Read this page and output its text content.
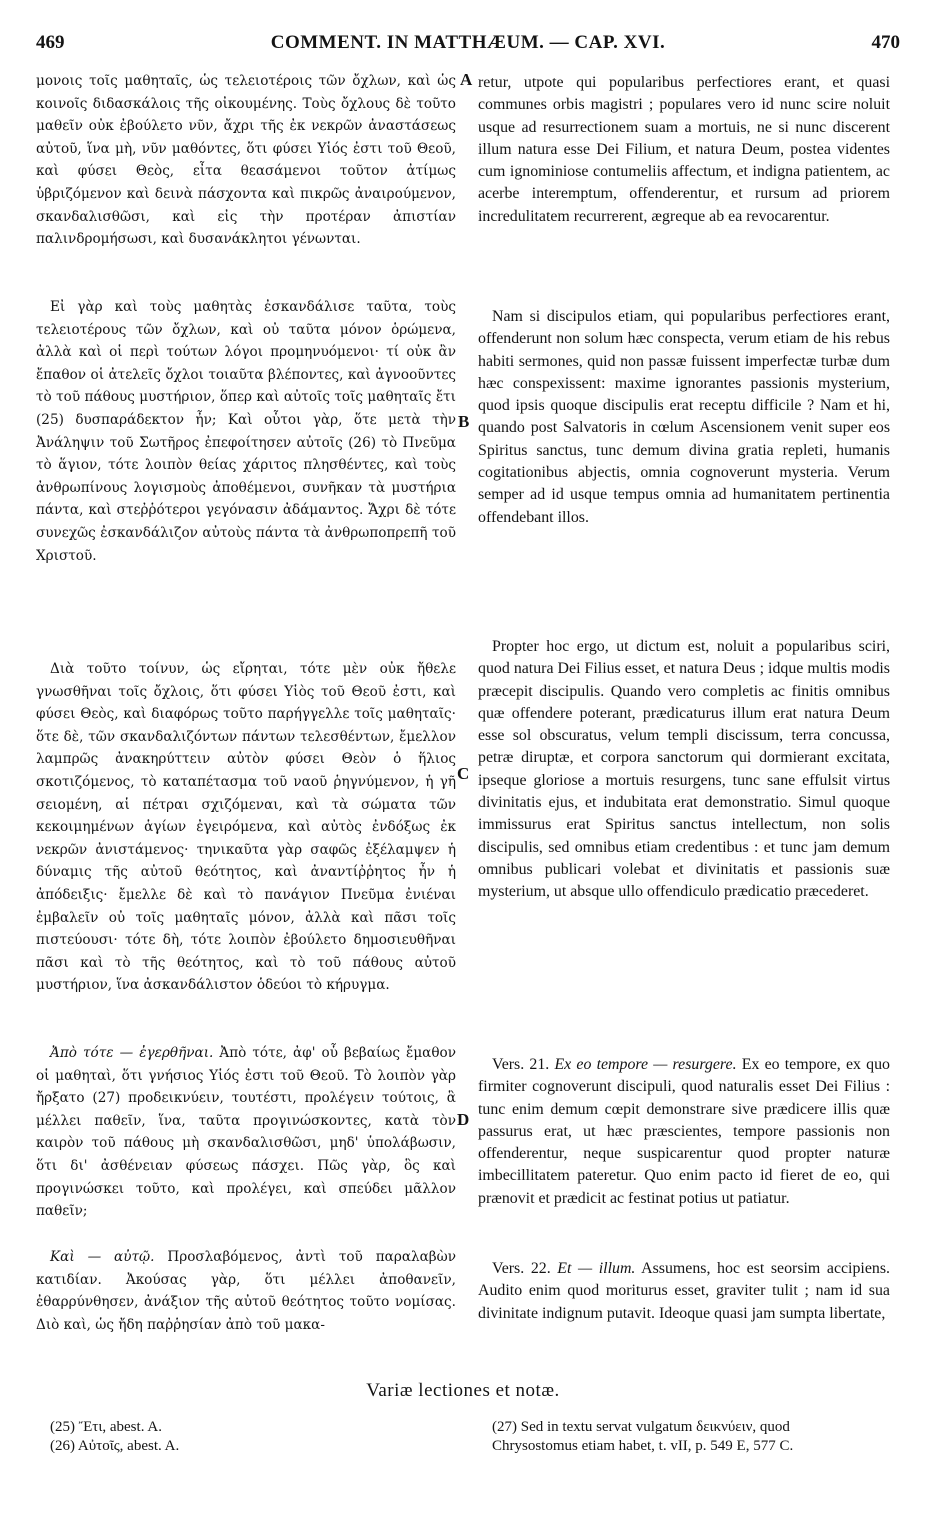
469	COMMENT. IN MATTHÆUM. — CAP. XVI.	470

μονοις τοῖς μαθηταῖς, ὡς τελειοτέροις τῶν ὄχλων, καὶ ὡς κοινοῖς διδασκάλοις τῆς οἰκουμένης. Τοὺς ὄχλους δὲ τοῦτο μαθεῖν οὐκ ἐβούλετο νῦν, ἄχρι τῆς ἐκ νεκρῶν ἀναστάσεως αὐτοῦ, ἵνα μὴ, νῦν μαθόντες, ὅτι φύσει Υἱός ἐστι τοῦ Θεοῦ, καὶ φύσει Θεὸς, εἶτα θεασάμενοι τοῦτον ἀτίμως ὑβριζόμενον καὶ δεινὰ πάσχοντα καὶ πικρῶς ἀναιρούμενον, σκανδαλισθῶσι, καὶ εἰς τὴν προτέραν ἀπιστίαν παλινδρομήσωσι, καὶ δυσανάκλητοι γένωνται.

Εἰ γὰρ καὶ τοὺς μαθητὰς ἐσκανδάλισε ταῦτα, τοὺς τελειοτέρους τῶν ὄχλων, καὶ οὐ ταῦτα μόνον ὁρώμενα, ἀλλὰ καὶ οἱ περὶ τούτων λόγοι προμηνυόμενοι· τί οὐκ ἂν ἔπαθον οἱ ἀτελεῖς ὄχλοι τοιαῦτα βλέποντες, καὶ ἀγνοοῦντες τὸ τοῦ πάθους μυστήριον, ὅπερ καὶ αὐτοῖς τοῖς μαθηταῖς ἔτι (25) δυσπαράδεκτον ἦν; Καὶ οὗτοι γὰρ, ὅτε μετὰ τὴν Ἀνάληψιν τοῦ Σωτῆρος ἐπεφοίτησεν αὐτοῖς (26) τὸ Πνεῦμα τὸ ἅγιον, τότε λοιπὸν θείας χάριτος πλησθέντες, καὶ τοὺς ἀνθρωπίνους λογισμοὺς ἀποθέμενοι, συνῆκαν τὰ μυστήρια πάντα, καὶ στεῤῥότεροι γεγόνασιν ἀδάμαντος. Ἄχρι δὲ τότε συνεχῶς ἐσκανδάλιζον αὐτοὺς πάντα τὰ ἀνθρωποπρεπῆ τοῦ Χριστοῦ.

Διὰ τοῦτο τοίνυν, ὡς εἴρηται, τότε μὲν οὐκ ἤθελε γνωσθῆναι τοῖς ὄχλοις, ὅτι φύσει Υἱὸς τοῦ Θεοῦ ἐστι, καὶ φύσει Θεὸς, καὶ διαφόρως τοῦτο παρήγγελλε τοῖς μαθηταῖς· ὅτε δὲ, τῶν σκανδαλιζόντων πάντων τελεσθέντων, ἔμελλον λαμπρῶς ἀνακηρύττειν αὐτὸν φύσει Θεὸν ὁ ἥλιος σκοτιζόμενος, τὸ καταπέτασμα τοῦ ναοῦ ῥηγνύμενον, ἡ γῆ σειομένη, αἱ πέτραι σχιζόμεναι, καὶ τὰ σώματα τῶν κεκοιμημένων ἁγίων ἐγειρόμενα, καὶ αὐτὸς ἐνδόξως ἐκ νεκρῶν ἀνιστάμενος· τηνικαῦτα γὰρ σαφῶς ἐξέλαμψεν ἡ δύναμις τῆς αὐτοῦ θεότητος, καὶ ἀναντίῤῥητος ἦν ἡ ἀπόδειξις· ἔμελλε δὲ καὶ τὸ πανάγιον Πνεῦμα ἐνιέναι ἐμβαλεῖν οὐ τοῖς μαθηταῖς μόνον, ἀλλὰ καὶ πᾶσι τοῖς πιστεύουσι· τότε δὴ, τότε λοιπὸν ἐβούλετο δημοσιευθῆναι πᾶσι καὶ τὸ τῆς θεότητος, καὶ τὸ τοῦ πάθους αὐτοῦ μυστήριον, ἵνα ἀσκανδάλιστον ὁδεύοι τὸ κήρυγμα.

Ἀπὸ τότε — ἐγερθῆναι. Ἀπὸ τότε, ἀφ' οὗ βεβαίως ἔμαθον οἱ μαθηταὶ, ὅτι γνήσιος Υἱός ἐστι τοῦ Θεοῦ. Τὸ λοιπὸν γὰρ ἤρξατο (27) προδεικνύειν, τουτέστι, προλέγειν τούτοις, ἃ μέλλει παθεῖν, ἵνα, ταῦτα προγινώσκοντες, κατὰ τὸν καιρὸν τοῦ πάθους μὴ σκανδαλισθῶσι, μηδ' ὑπολάβωσιν, ὅτι δι' ἀσθένειαν φύσεως πάσχει. Πῶς γὰρ, ὃς καὶ προγινώσκει τοῦτο, καὶ προλέγει, καὶ σπεύδει μᾶλλον παθεῖν;

Καὶ — αὐτῷ. Προσλαβόμενος, ἀντὶ τοῦ παραλαβὼν κατιδίαν. Ἀκούσας γὰρ, ὅτι μέλλει ἀποθανεῖν, ἐθαρρύνθησεν, ἀνάξιον τῆς αὐτοῦ θεότητος τοῦτο νομίσας. Διὸ καὶ, ὡς ἤδη παῤῥησίαν ἀπὸ τοῦ μακα-

A
B
C
D

retur, utpote qui popularibus perfectiores erant, et quasi communes orbis magistri ; populares vero id nunc scire noluit usque ad resurrectionem suam a mortuis, ne si nunc discerent illum natura esse Dei Filium, et natura Deum, postea videntes cum ignominiose contumeliis affectum, et indigna patientem, ac acerbe interemptum, offenderentur, et rursum ad priorem incredulitatem recurrerent, ægreque ab ea revocarentur.

Nam si discipulos etiam, qui popularibus perfectiores erant, offenderunt non solum hæc conspecta, verum etiam de his rebus habiti sermones, quid non passæ fuissent imperfectæ turbæ dum hæc conspexissent: maxime ignorantes passionis mysterium, quod ipsis quoque discipulis erat receptu difficile ? Nam et hi, quando post Salvatoris in cœlum Ascensionem venit super eos Spiritus sanctus, tunc demum divina gratia repleti, humanis cogitationibus abjectis, omnia cognoverunt mysteria. Verum semper ad id usque tempus omnia ad humanitatem pertinentia offendebant illos.

Propter hoc ergo, ut dictum est, noluit a popularibus sciri, quod natura Dei Filius esset, et natura Deus ; idque multis modis præcepit discipulis. Quando vero completis ac finitis omnibus quæ offendere poterant, prædicaturus illum erat natura Deum esse sol obscuratus, velum templi discissum, terra concussa, petræ diruptæ, et corpora sanctorum qui dormierant excitata, ipseque gloriose a mortuis resurgens, tunc sane effulsit virtus divinitatis ejus, et indubitata erat demonstratio. Simul quoque immissurus erat Spiritus sanctus intellectum, non solis discipulis, sed omnibus etiam credentibus : et tunc jam demum omnibus publicari volebat et divinitatis et passionis suæ mysterium, ut absque ullo offendiculo prædicatio præcederet.

Vers. 21. Ex eo tempore — resurgere. Ex eo tempore, ex quo firmiter cognoverunt discipuli, quod naturalis esset Dei Filius : tunc enim demum cœpit demonstrare sive prædicere illis quæ passurus erat, ut hæc præscientes, tempore passionis non offenderentur, neque suspicarentur quod propter naturæ imbecillitatem pateretur. Quo enim pacto id fieret de eo, qui prænovit et prædicit ac festinat potius ut patiatur.

Vers. 22. Et — illum. Assumens, hoc est seorsim accipiens. Audito enim quod moriturus esset, graviter tulit ; nam id sua divinitate indignum putavit. Ideoque quasi jam sumpta libertate,

Variæ lectiones et notæ.
(25) Ἔτι, abest. A.
(26) Αὐτοῖς, abest. A.
(27) Sed in textu servat vulgatum δεικνύειν, quod
Chrysostomus etiam habet, t. vII, p. 549 E, 577 C.
